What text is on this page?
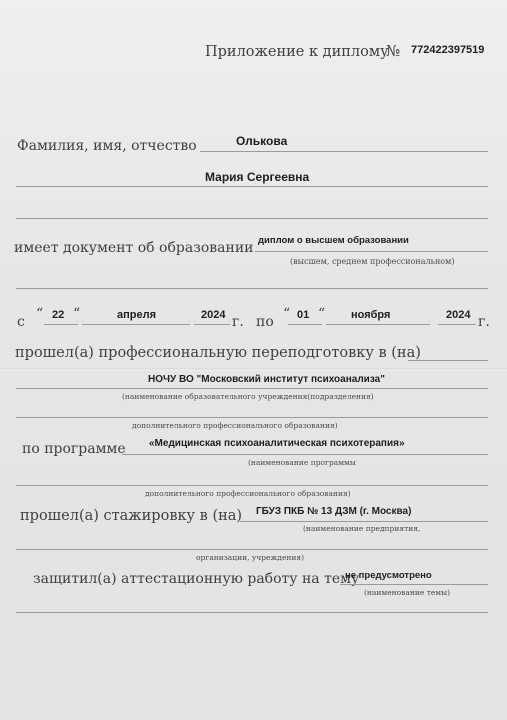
Приложение к диплому
№ 772422397519
Фамилия, имя, отчество	Олькова
Мария Сергеевна
имеет документ об образовании диплом о высшем образовании
(высшем, среднем профессиональном)
с “ 22 “	апреля	2024 г. по “ 01 “ ноября	2024 г.
прошел(а) профессиональную переподготовку в (на)
НОЧУ ВО "Московский институт психоанализа"
(наименование образовательного учреждения(подразделения)
дополнительного профессионального образования)
по программе «Медицинская психоаналитическая психотерапия»
(наименование программы
дополнительного профессионального образования)
прошел(а) стажировку в (на) ГБУЗ ПКБ № 13 ДЗМ (г. Москва)
(наименование предприятия,
организации, учреждения)
защитил(а) аттестационную работу на тему
не предусмотрено
(наименование темы)
